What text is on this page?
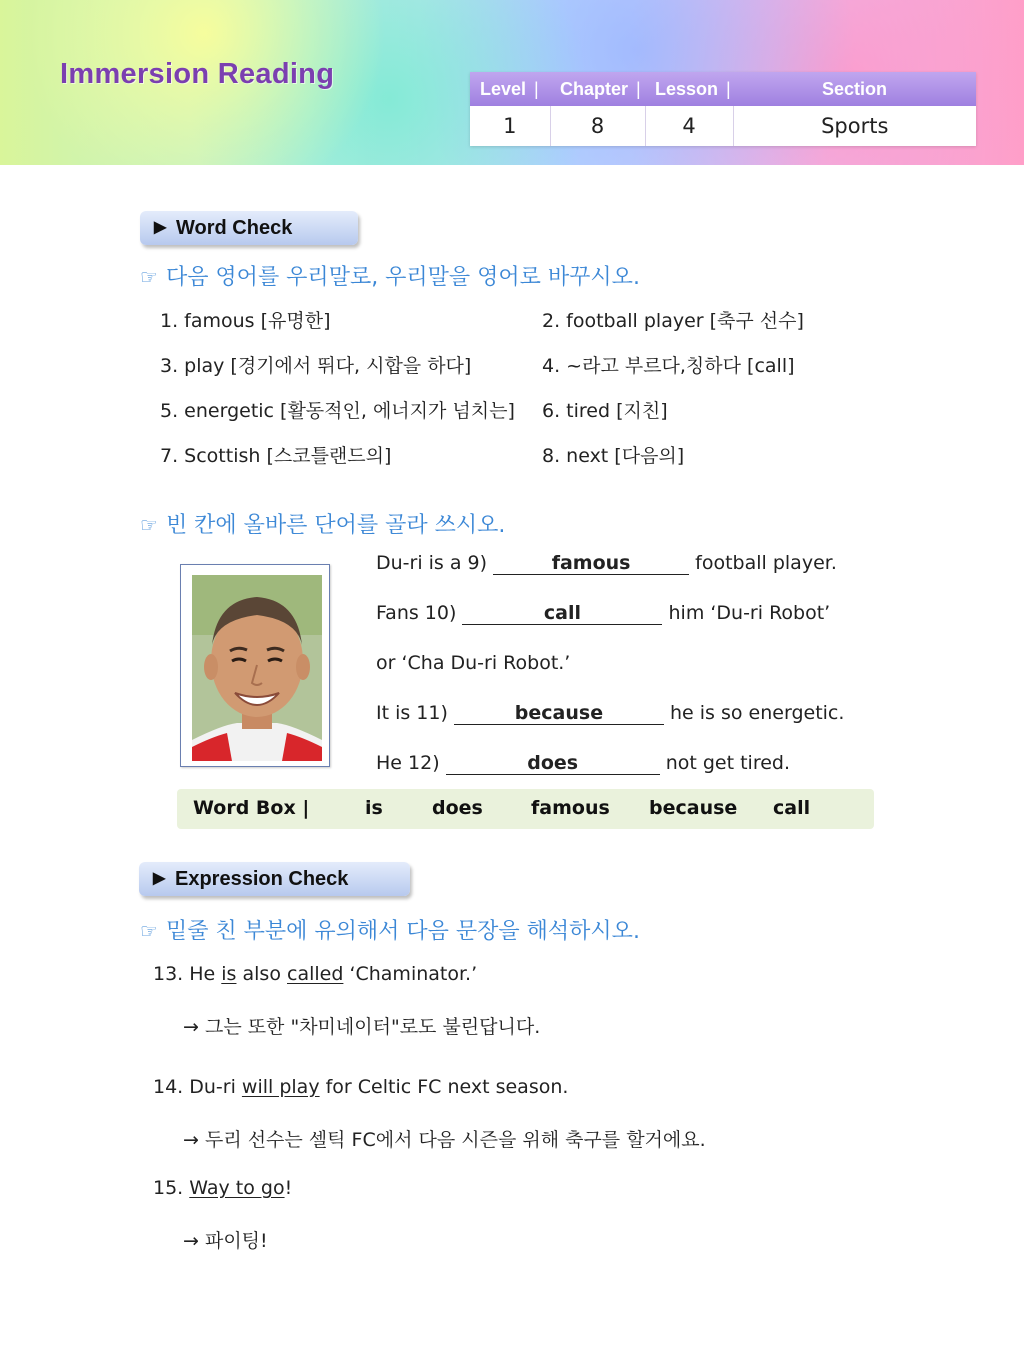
Immersion Reading	Level |	Chapter |	Lesson |	Section
1	8	4	Sports
▶ Word Check
☞ 다음 영어를 우리말로, 우리말을 영어로 바꾸시오.
1. famous [유명한]	2. football player [축구 선수]
3. play [경기에서 뛰다, 시합을 하다]	4. ~라고 부르다,칭하다 [call]
5. energetic [활동적인, 에너지가 넘치는] 6. tired [지친]
7. Scottish [스코틀랜드의]	8. next [다음의]
☞ 빈 칸에 올바른 단어를 골라 쓰시오.
Du-ri is a 9)	famous	football player.
Fans 10)	call	him ‘Du-ri Robot’
or ‘Cha Du-ri Robot.’
It is 11)	because	he is so energetic.
He 12)	does	not get tired.
Word Box |	is	does	famous because call
▶ Expression Check
☞ 밑줄 친 부분에 유의해서 다음 문장을 해석하시오.
13. He is also called ‘Chaminator.’
→ 그는 또한 "차미네이터"로도 불린답니다.
14. Du-ri will play for Celtic FC next season.
→ 두리 선수는 셀틱 FC에서 다음 시즌을 위해 축구를 할거에요.
15. Way to go!
→ 파이팅!
